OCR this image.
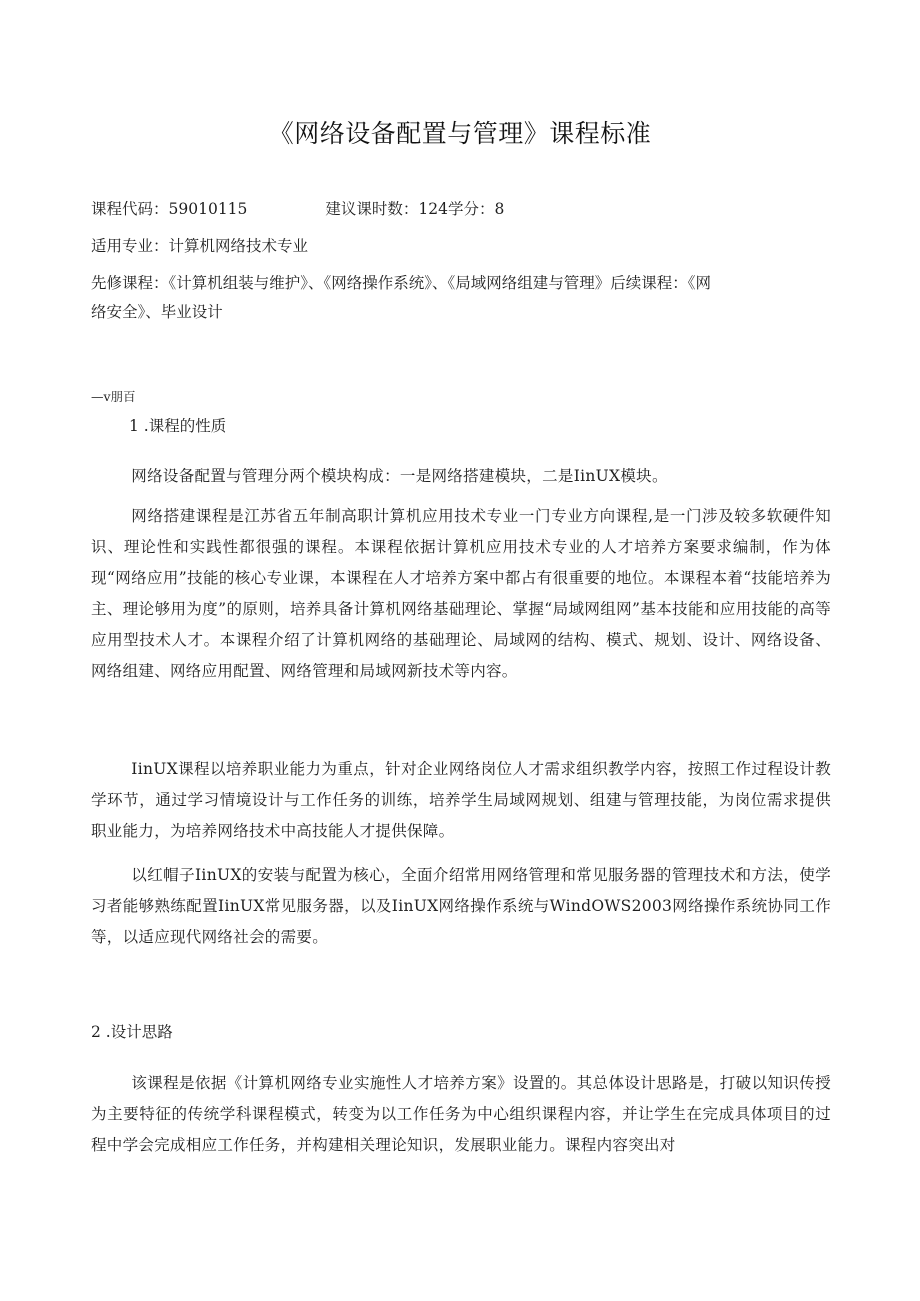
《网络设备配置与管理》课程标准
课程代码：59010115	建议课时数：124学分：8
适用专业：计算机网络技术专业
先修课程：《计算机组装与维护》、《网络操作系统》、《局域网络组建与管理》后续课程：《网
络安全》、毕业设计
—v朋百
1 .课程的性质
网络设备配置与管理分两个模块构成：一是网络搭建模块，二是IinUX模块。
网络搭建课程是江苏省五年制高职计算机应用技术专业一门专业方向课程,是一门涉及较多软硬件知识、理论性和实践性都很强的课程。本课程依据计算机应用技术专业的人才培养方案要求编制，作为体现“网络应用”技能的核心专业课，本课程在人才培养方案中都占有很重要的地位。本课程本着“技能培养为主、理论够用为度”的原则，培养具备计算机网络基础理论、掌握“局域网组网”基本技能和应用技能的高等应用型技术人才。本课程介绍了计算机网络的基础理论、局域网的结构、模式、规划、设计、网络设备、网络组建、网络应用配置、网络管理和局域网新技术等内容。
IinUX课程以培养职业能力为重点，针对企业网络岗位人才需求组织教学内容，按照工作过程设计教学环节，通过学习情境设计与工作任务的训练，培养学生局域网规划、组建与管理技能，为岗位需求提供职业能力，为培养网络技术中高技能人才提供保障。
以红帽子IinUX的安装与配置为核心，全面介绍常用网络管理和常见服务器的管理技术和方法，使学习者能够熟练配置IinUX常见服务器，以及IinUX网络操作系统与WindOWS2003网络操作系统协同工作等，以适应现代网络社会的需要。
2 .设计思路
该课程是依据《计算机网络专业实施性人才培养方案》设置的。其总体设计思路是，打破以知识传授为主要特征的传统学科课程模式，转变为以工作任务为中心组织课程内容，并让学生在完成具体项目的过程中学会完成相应工作任务，并构建相关理论知识，发展职业能力。课程内容突出对
